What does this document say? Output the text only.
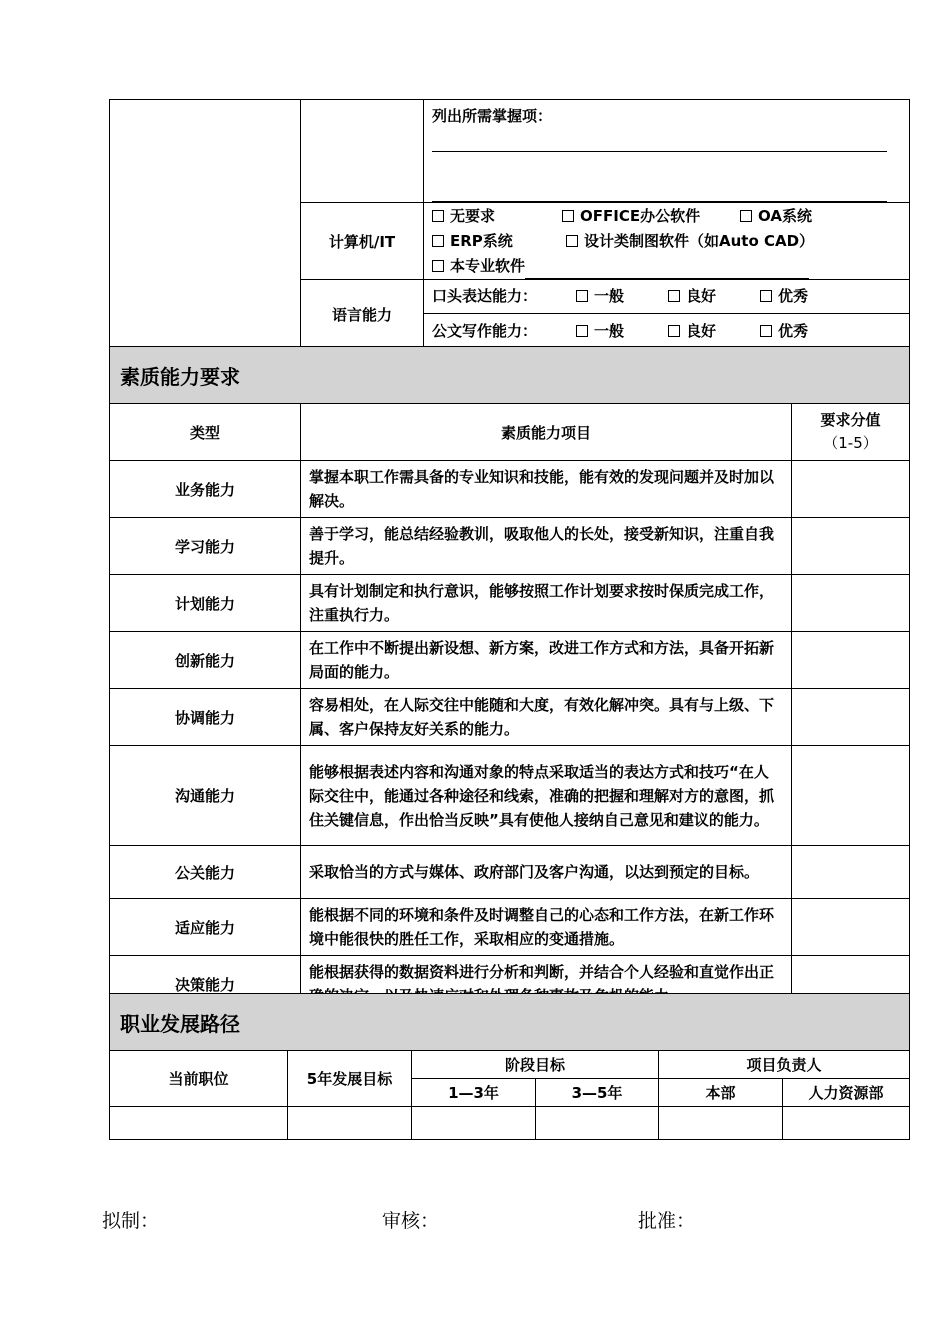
		列出所需掌握项：

	计算机/IT	无要求 OFFICE办公软件 OA系统
ERP系统 设计类制图软件（如Auto CAD）
本专业软件

	语言能力	口头表达能力： 一般 良好 优秀
		公文写作能力： 一般 良好 优秀
素质能力要求		
类型	素质能力项目	要求分值
（1-5）

业务能力	掌握本职工作需具备的专业知识和技能，能有效的发现问题并及时加以解决。	
学习能力	善于学习，能总结经验教训，吸取他人的长处，接受新知识，注重自我提升。	
计划能力	具有计划制定和执行意识，能够按照工作计划要求按时保质完成工作，注重执行力。	
创新能力	在工作中不断提出新设想、新方案，改进工作方式和方法，具备开拓新局面的能力。	
协调能力	容易相处，在人际交往中能随和大度，有效化解冲突。具有与上级、下属、客户保持友好关系的能力。	
沟通能力	能够根据表述内容和沟通对象的特点采取适当的表达方式和技巧“在人际交往中，能通过各种途径和线索，准确的把握和理解对方的意图，抓住关键信息，作出恰当反映”具有使他人接纳自己意见和建议的能力。	
公关能力	采取恰当的方式与媒体、政府部门及客户沟通，以达到预定的目标。	
适应能力	能根据不同的环境和条件及时调整自己的心态和工作方法，在新工作环境中能很快的胜任工作，采取相应的变通措施。	
决策能力	能根据获得的数据资料进行分析和判断，并结合个人经验和直觉作出正	
职业发展路径					
当前职位	5年发展目标	阶段目标		项目负责人	
		1—3年	3—5年	本部	人力资源部

拟制：	审核：	批准：
